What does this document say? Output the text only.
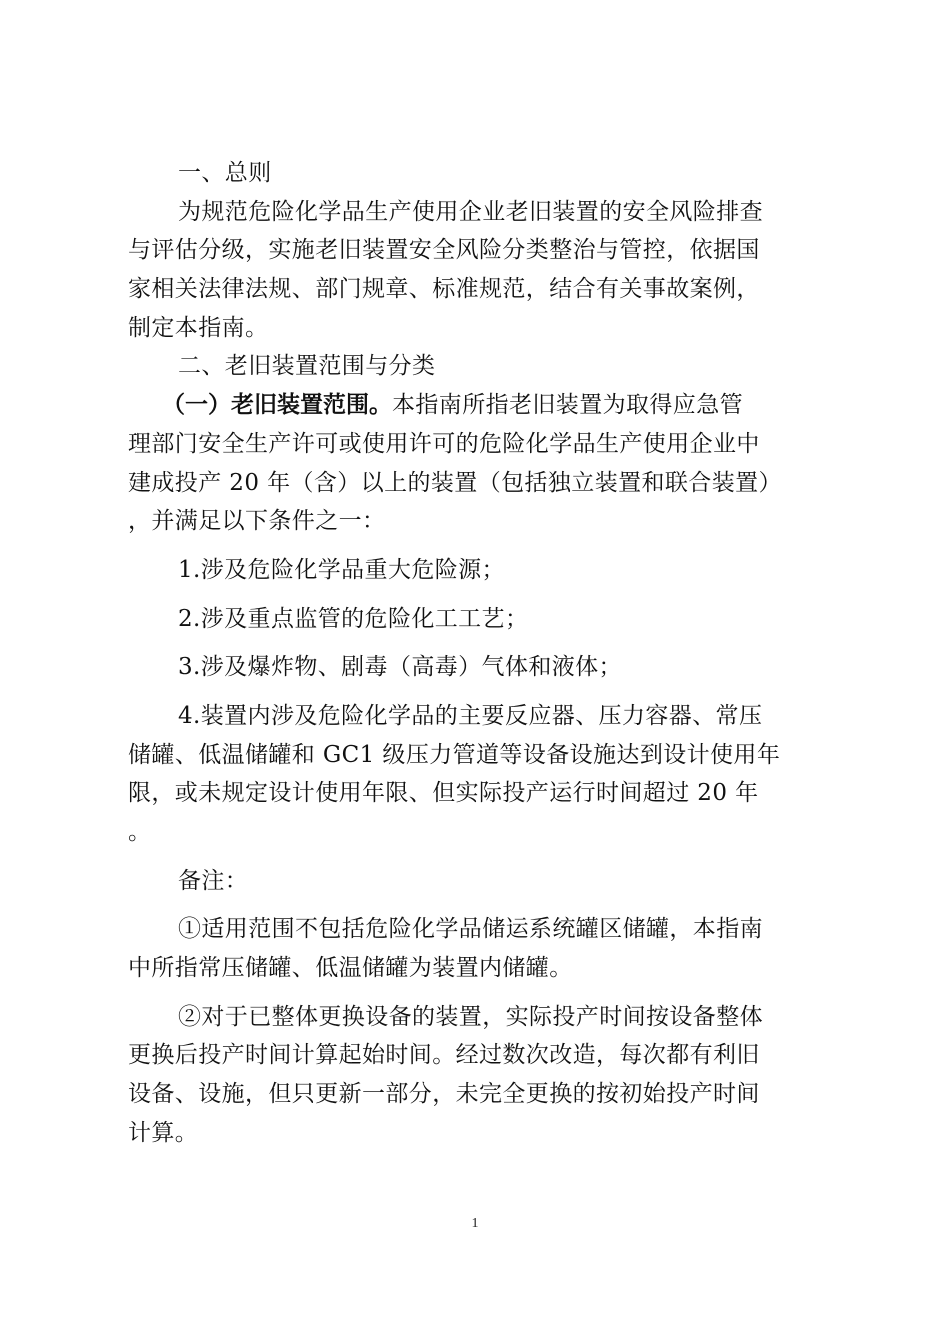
一、总则
为规范危险化学品生产使用企业老旧装置的安全风险排查
与评估分级，实施老旧装置安全风险分类整治与管控，依据国
家相关法律法规、部门规章、标准规范，结合有关事故案例，
制定本指南。
二、老旧装置范围与分类
（一）老旧装置范围。本指南所指老旧装置为取得应急管
理部门安全生产许可或使用许可的危险化学品生产使用企业中
建成投产 20 年（含）以上的装置（包括独立装置和联合装置）
，并满足以下条件之一：
1.涉及危险化学品重大危险源；
2.涉及重点监管的危险化工工艺；
3.涉及爆炸物、剧毒（高毒）气体和液体；
4.装置内涉及危险化学品的主要反应器、压力容器、常压
储罐、低温储罐和 GC1 级压力管道等设备设施达到设计使用年
限，或未规定设计使用年限、但实际投产运行时间超过 20 年
。
备注：
①适用范围不包括危险化学品储运系统罐区储罐，本指南
中所指常压储罐、低温储罐为装置内储罐。
②对于已整体更换设备的装置，实际投产时间按设备整体
更换后投产时间计算起始时间。经过数次改造，每次都有利旧
设备、设施，但只更新一部分，未完全更换的按初始投产时间
计算。
1
